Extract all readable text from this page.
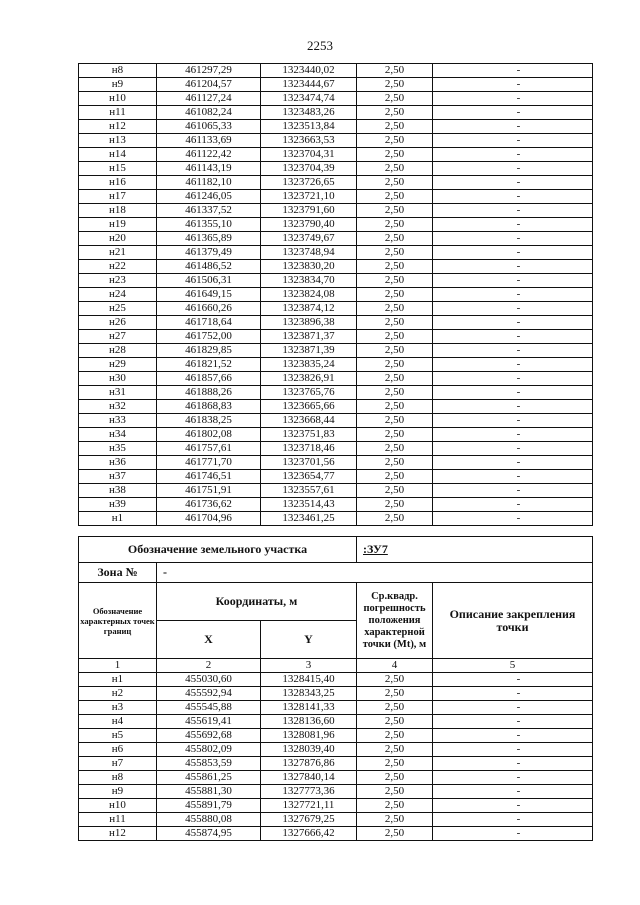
2253
н8	461297,29	1323440,02	2,50	-
н9	461204,57	1323444,67	2,50	-
н10	461127,24	1323474,74	2,50	-
н11	461082,24	1323483,26	2,50	-
н12	461065,33	1323513,84	2,50	-
н13	461133,69	1323663,53	2,50	-
н14	461122,42	1323704,31	2,50	-
н15	461143,19	1323704,39	2,50	-
н16	461182,10	1323726,65	2,50	-
н17	461246,05	1323721,10	2,50	-
н18	461337,52	1323791,60	2,50	-
н19	461355,10	1323790,40	2,50	-
н20	461365,89	1323749,67	2,50	-
н21	461379,49	1323748,94	2,50	-
н22	461486,52	1323830,20	2,50	-
н23	461506,31	1323834,70	2,50	-
н24	461649,15	1323824,08	2,50	-
н25	461660,26	1323874,12	2,50	-
н26	461718,64	1323896,38	2,50	-
н27	461752,00	1323871,37	2,50	-
н28	461829,85	1323871,39	2,50	-
н29	461821,52	1323835,24	2,50	-
н30	461857,66	1323826,91	2,50	-
н31	461888,26	1323765,76	2,50	-
н32	461868,83	1323665,66	2,50	-
н33	461838,25	1323668,44	2,50	-
н34	461802,08	1323751,83	2,50	-
н35	461757,61	1323718,46	2,50	-
н36	461771,70	1323701,56	2,50	-
н37	461746,51	1323654,77	2,50	-
н38	461751,91	1323557,61	2,50	-
н39	461736,62	1323514,43	2,50	-
н1	461704,96	1323461,25	2,50	-
Обозначение земельного участка	:ЗУ7
Зона №	-
Обозначение характерных точек границ	Координаты, м		Ср.квадр. погрешность положения характерной точки (Mt), м	Описание закрепления точки
	X	Y		
1	2	3	4	5
н1	455030,60	1328415,40	2,50	-
н2	455592,94	1328343,25	2,50	-
н3	455545,88	1328141,33	2,50	-
н4	455619,41	1328136,60	2,50	-
н5	455692,68	1328081,96	2,50	-
н6	455802,09	1328039,40	2,50	-
н7	455853,59	1327876,86	2,50	-
н8	455861,25	1327840,14	2,50	-
н9	455881,30	1327773,36	2,50	-
н10	455891,79	1327721,11	2,50	-
н11	455880,08	1327679,25	2,50	-
н12	455874,95	1327666,42	2,50	-
